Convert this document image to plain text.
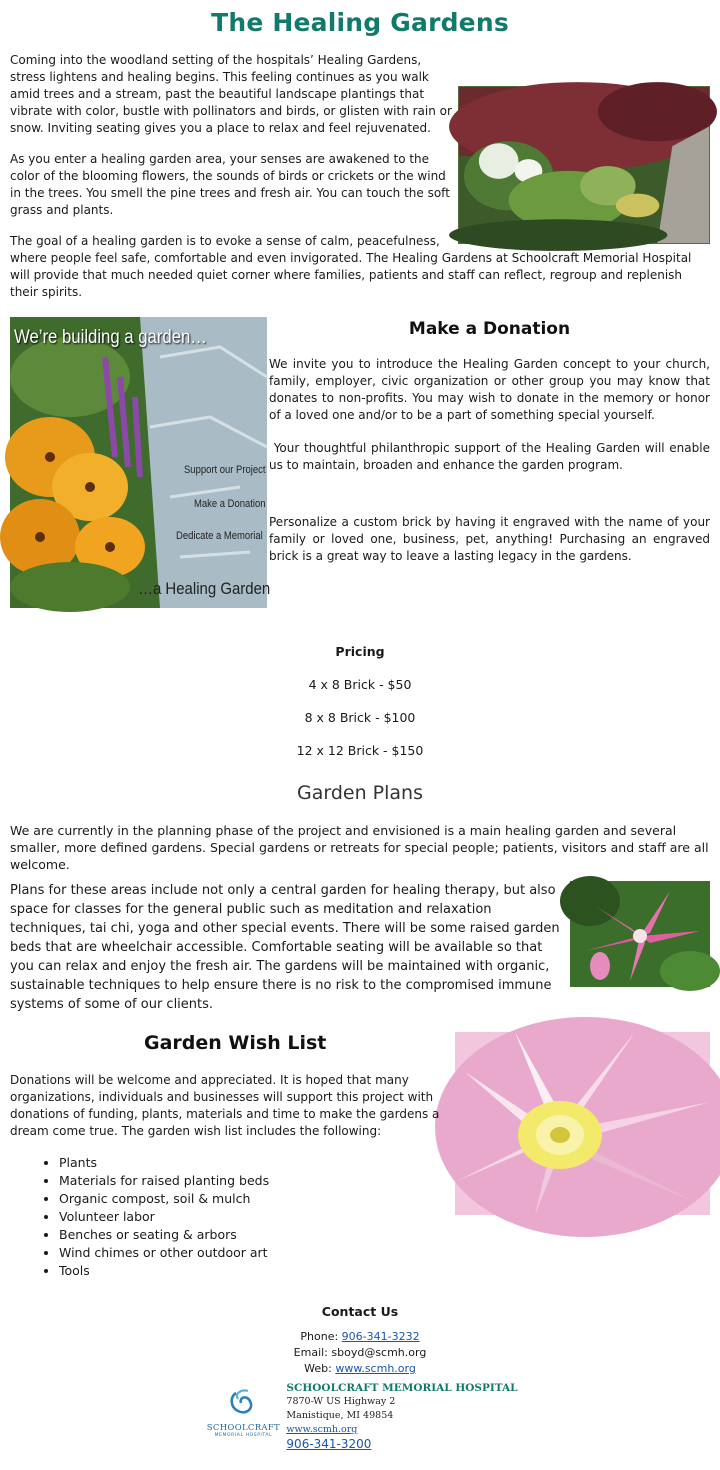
The Healing Gardens

Coming into the woodland setting of the hospitals’ Healing Gardens, stress lightens and healing begins. This feeling continues as you walk amid trees and a stream, past the beautiful landscape plantings that vibrate with color, bustle with pollinators and birds, or glisten with rain or snow. Inviting seating gives you a place to relax and feel rejuvenated.

As you enter a healing garden area, your senses are awakened to the color of the blooming flowers, the sounds of birds or crickets or the wind in the trees. You smell the pine trees and fresh air. You can touch the soft grass and plants.

The goal of a healing garden is to evoke a sense of calm, peacefulness, where people feel safe, comfortable and even invigorated. The Healing Gardens at Schoolcraft Memorial Hospital will provide that much needed quiet corner where families, patients and staff can reflect, regroup and replenish their spirits.

We’re building a garden…
Support our Project
Make a Donation
Dedicate a Memorial
…a Healing Garden
Make a Donation

We invite you to introduce the Healing Garden concept to your church, family, employer, civic organization or other group you may know that donates to non-profits. You may wish to donate in the memory or honor of a loved one and/or to be a part of something special yourself.

Your thoughtful philanthropic support of the Healing Garden will enable us to maintain, broaden and enhance the garden program.

Personalize a custom brick by having it engraved with the name of your family or loved one, business, pet, anything! Purchasing an engraved brick is a great way to leave a lasting legacy in the gardens.

Pricing
4 x 8 Brick - $50
8 x 8 Brick - $100
12 x 12 Brick - $150
Garden Plans

We are currently in the planning phase of the project and envisioned is a main healing garden and several smaller, more defined gardens. Special gardens or retreats for special people; patients, visitors and staff are all welcome.

Plans for these areas include not only a central garden for healing therapy, but also space for classes for the general public such as meditation and relaxation techniques, tai chi, yoga and other special events. There will be some raised garden beds that are wheelchair accessible. Comfortable seating will be available so that you can relax and enjoy the fresh air. The gardens will be maintained with organic, sustainable techniques to help ensure there is no risk to the compromised immune systems of some of our clients.

Garden Wish List

Donations will be welcome and appreciated. It is hoped that many organizations, individuals and businesses will support this project with donations of funding, plants, materials and time to make the gardens a dream come true. The garden wish list includes the following:

• Plants
• Materials for raised planting beds
• Organic compost, soil & mulch
• Volunteer labor
• Benches or seating & arbors
• Wind chimes or other outdoor art
• Tools
Contact Us
Phone: 906-341-3232
Email: sboyd@scmh.org
Web: www.scmh.org
SCHOOLCRAFT
MEMORIAL HOSPITAL
SCHOOLCRAFT MEMORIAL HOSPITAL
7870-W US Highway 2
Manistique, MI 49854
www.scmh.org
906-341-3200
